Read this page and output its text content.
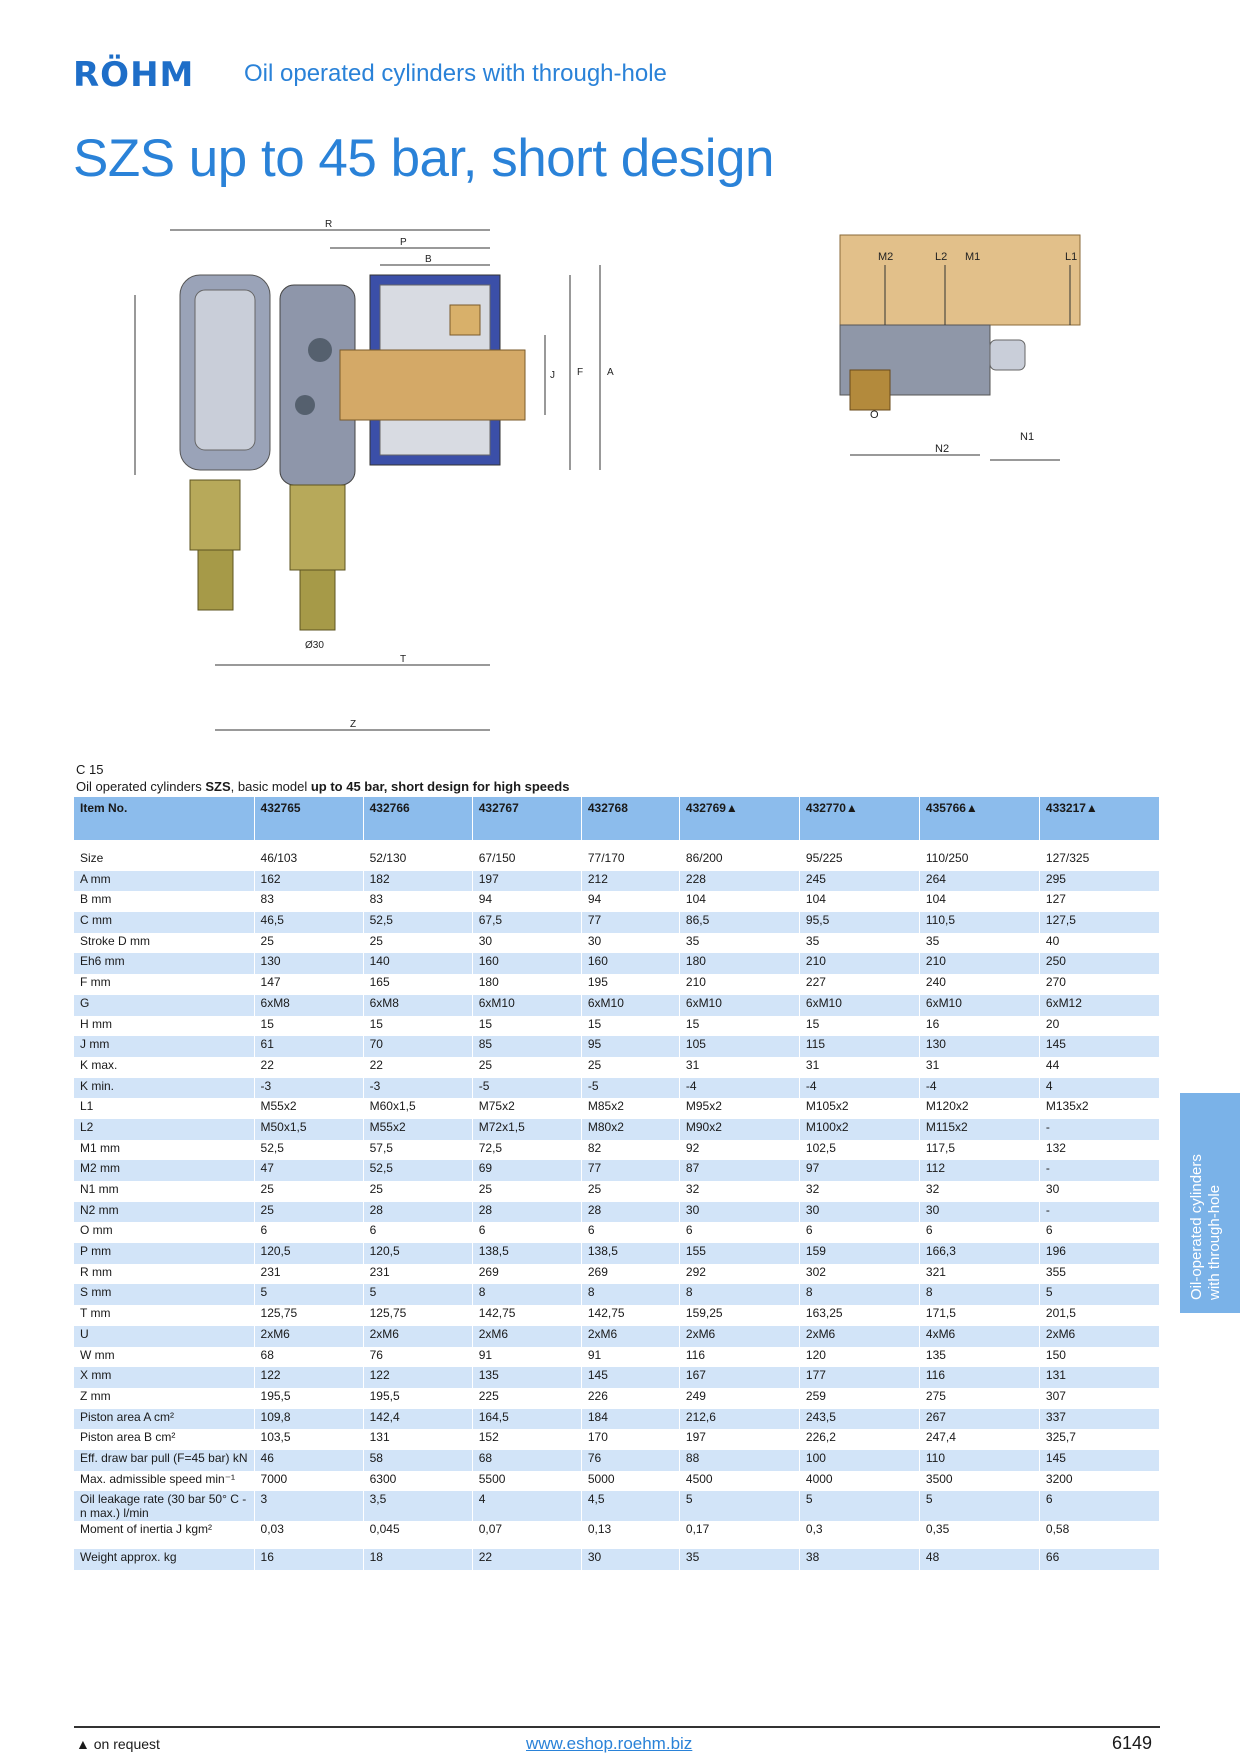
RÖHM	Oil operated cylinders with through-hole
SZS up to 45 bar, short design
R
P
B
F A
J
T
Z
Ø30
M2	L2 M1	L1
O
N2
N1
C 15
Oil operated cylinders SZS, basic model up to 45 bar, short design for high speeds
Item No.	432765	432766	432767	432768	432769▲	432770▲	435766▲	433217▲

Size	46/103	52/130	67/150	77/170	86/200	95/225	110/250	127/325
A mm	162	182	197	212	228	245	264	295
B mm	83	83	94	94	104	104	104	127
C mm	46,5	52,5	67,5	77	86,5	95,5	110,5	127,5
Stroke D mm	25	25	30	30	35	35	35	40
Eh6 mm	130	140	160	160	180	210	210	250
F mm	147	165	180	195	210	227	240	270
G	6xM8	6xM8	6xM10	6xM10	6xM10	6xM10	6xM10	6xM12
H mm	15	15	15	15	15	15	16	20
J mm	61	70	85	95	105	115	130	145
K max.	22	22	25	25	31	31	31	44
K min.	-3	-3	-5	-5	-4	-4	-4	4
L1	M55x2	M60x1,5	M75x2	M85x2	M95x2	M105x2	M120x2	M135x2
L2	M50x1,5	M55x2	M72x1,5	M80x2	M90x2	M100x2	M115x2	-
M1 mm	52,5	57,5	72,5	82	92	102,5	117,5	132
M2 mm	47	52,5	69	77	87	97	112	-
N1 mm	25	25	25	25	32	32	32	30
N2 mm	25	28	28	28	30	30	30	-
O mm	6	6	6	6	6	6	6	6
P mm	120,5	120,5	138,5	138,5	155	159	166,3	196
R mm	231	231	269	269	292	302	321	355
S mm	5	5	8	8	8	8	8	5
T mm	125,75	125,75	142,75	142,75	159,25	163,25	171,5	201,5
U	2xM6	2xM6	2xM6	2xM6	2xM6	2xM6	4xM6	2xM6
W mm	68	76	91	91	116	120	135	150
X mm	122	122	135	145	167	177	116	131
Z mm	195,5	195,5	225	226	249	259	275	307
Piston area A cm²	109,8	142,4	164,5	184	212,6	243,5	267	337
Piston area B cm²	103,5	131	152	170	197	226,2	247,4	325,7
Eff. draw bar pull (F=45 bar) kN	46	58	68	76	88	100	110	145
Max. admissible speed min⁻¹	7000	6300	5500	5000	4500	4000	3500	3200
Oil leakage rate (30 bar 50° C - n max.) l/min	3	3,5	4	4,5	5	5	5	6
Moment of inertia J kgm²	0,03	0,045	0,07	0,13	0,17	0,3	0,35	0,58
Weight approx. kg	16	18	22	30	35	38	48	66
Oil-operated cylinders with through-hole
▲ on request	www.eshop.roehm.biz	6149
